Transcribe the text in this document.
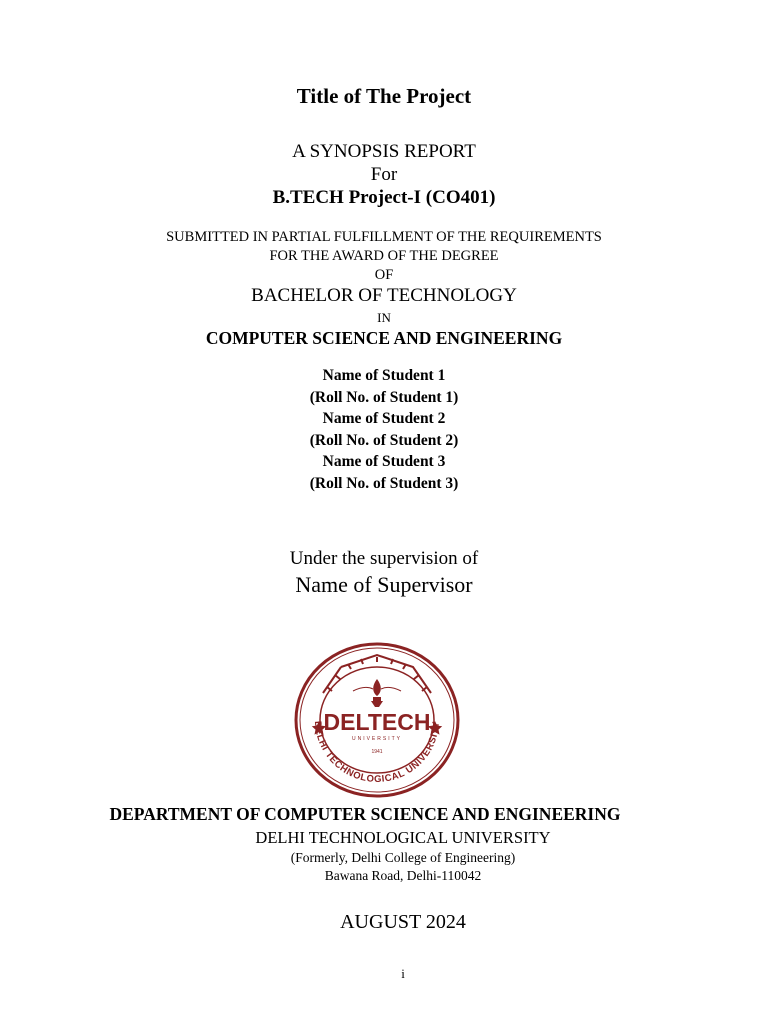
Title of The Project
A SYNOPSIS REPORT
For
B.TECH Project-I (CO401)
SUBMITTED IN PARTIAL FULFILLMENT OF THE REQUIREMENTS
FOR THE AWARD OF THE DEGREE
OF
BACHELOR OF TECHNOLOGY
IN
COMPUTER SCIENCE AND ENGINEERING
Name of Student 1
(Roll No. of Student 1)
Name of Student 2
(Roll No. of Student 2)
Name of Student 3
(Roll No. of Student 3)
Under the supervision of
Name of Supervisor
DELTECH
UNIVERSITY
1941
DELHI TECHNOLOGICAL UNIVERSITY
DEPARTMENT OF COMPUTER SCIENCE AND ENGINEERING
DELHI TECHNOLOGICAL UNIVERSITY
(Formerly, Delhi College of Engineering)
Bawana Road, Delhi-110042
AUGUST 2024
i
